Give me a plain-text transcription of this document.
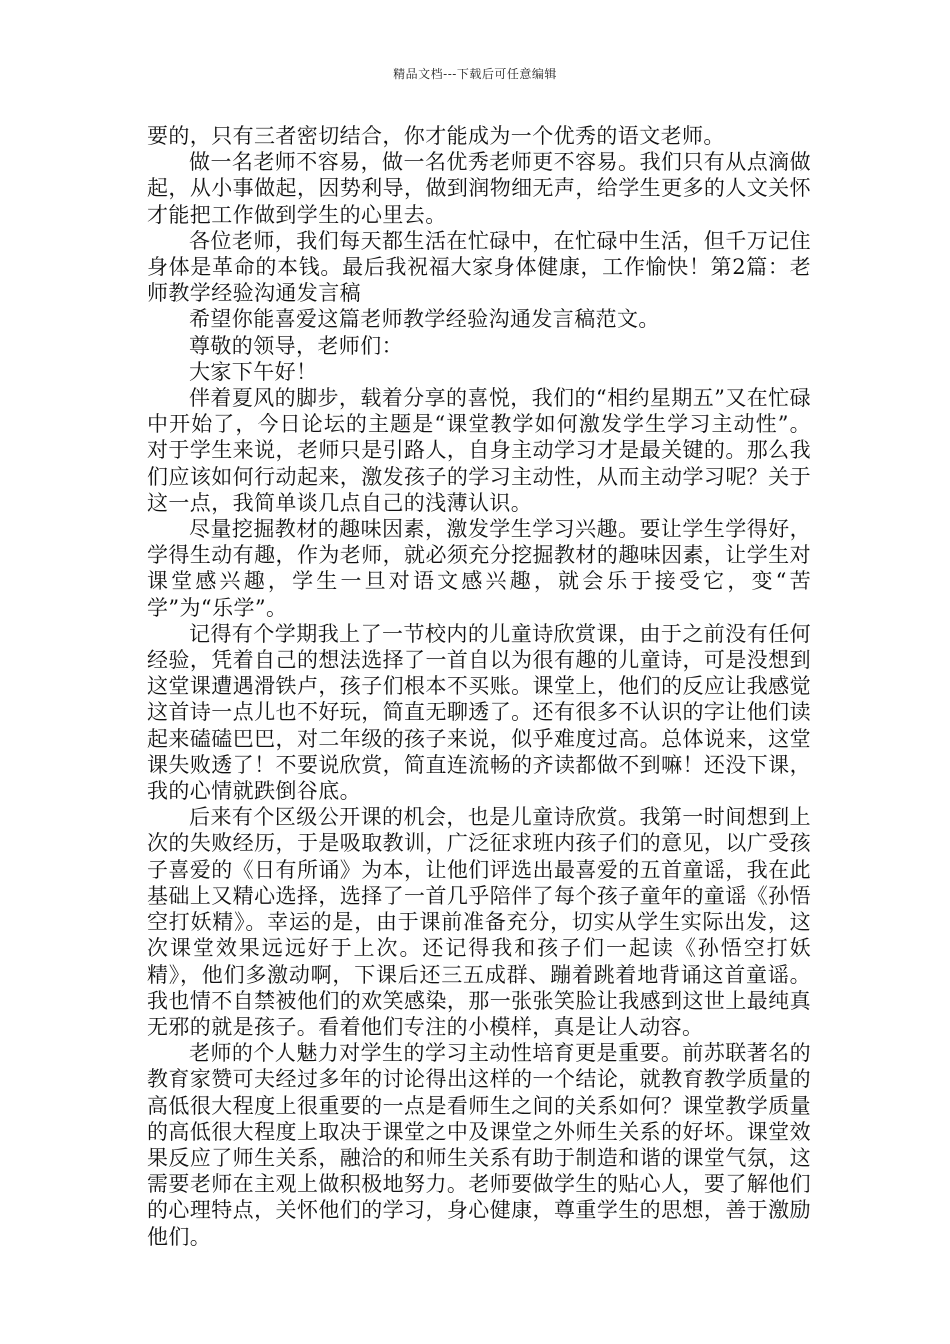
精品文档---下载后可任意编辑

要的，只有三者密切结合，你才能成为一个优秀的语文老师。

做一名老师不容易，做一名优秀老师更不容易。我们只有从点滴做起，从小事做起，因势利导，做到润物细无声，给学生更多的人文关怀才能把工作做到学生的心里去。

各位老师，我们每天都生活在忙碌中，在忙碌中生活，但千万记住身体是革命的本钱。最后我祝福大家身体健康，工作愉快！第2篇：老师教学经验沟通发言稿

希望你能喜爱这篇老师教学经验沟通发言稿范文。

尊敬的领导，老师们：

大家下午好！

伴着夏风的脚步，载着分享的喜悦，我们的“相约星期五”又在忙碌中开始了，今日论坛的主题是“课堂教学如何激发学生学习主动性”。对于学生来说，老师只是引路人，自身主动学习才是最关键的。那么我们应该如何行动起来，激发孩子的学习主动性，从而主动学习呢？关于这一点，我简单谈几点自己的浅薄认识。

尽量挖掘教材的趣味因素，激发学生学习兴趣。要让学生学得好，学得生动有趣，作为老师，就必须充分挖掘教材的趣味因素，让学生对课堂感兴趣，学生一旦对语文感兴趣，就会乐于接受它，变“苦学”为“乐学”。

记得有个学期我上了一节校内的儿童诗欣赏课，由于之前没有任何经验，凭着自己的想法选择了一首自以为很有趣的儿童诗，可是没想到这堂课遭遇滑铁卢，孩子们根本不买账。课堂上，他们的反应让我感觉这首诗一点儿也不好玩，简直无聊透了。还有很多不认识的字让他们读起来磕磕巴巴，对二年级的孩子来说，似乎难度过高。总体说来，这堂课失败透了！不要说欣赏，简直连流畅的齐读都做不到嘛！还没下课，我的心情就跌倒谷底。

后来有个区级公开课的机会，也是儿童诗欣赏。我第一时间想到上次的失败经历，于是吸取教训，广泛征求班内孩子们的意见，以广受孩子喜爱的《日有所诵》为本，让他们评选出最喜爱的五首童谣，我在此基础上又精心选择，选择了一首几乎陪伴了每个孩子童年的童谣《孙悟空打妖精》。幸运的是，由于课前准备充分，切实从学生实际出发，这次课堂效果远远好于上次。还记得我和孩子们一起读《孙悟空打妖精》，他们多激动啊，下课后还三五成群、蹦着跳着地背诵这首童谣。我也情不自禁被他们的欢笑感染，那一张张笑脸让我感到这世上最纯真无邪的就是孩子。看着他们专注的小模样，真是让人动容。

老师的个人魅力对学生的学习主动性培育更是重要。前苏联著名的教育家赞可夫经过多年的讨论得出这样的一个结论，就教育教学质量的高低很大程度上很重要的一点是看师生之间的关系如何？课堂教学质量的高低很大程度上取决于课堂之中及课堂之外师生关系的好坏。课堂效果反应了师生关系，融洽的和师生关系有助于制造和谐的课堂气氛，这需要老师在主观上做积极地努力。老师要做学生的贴心人，要了解他们的心理特点，关怀他们的学习，身心健康，尊重学生的思想，善于激励他们。
